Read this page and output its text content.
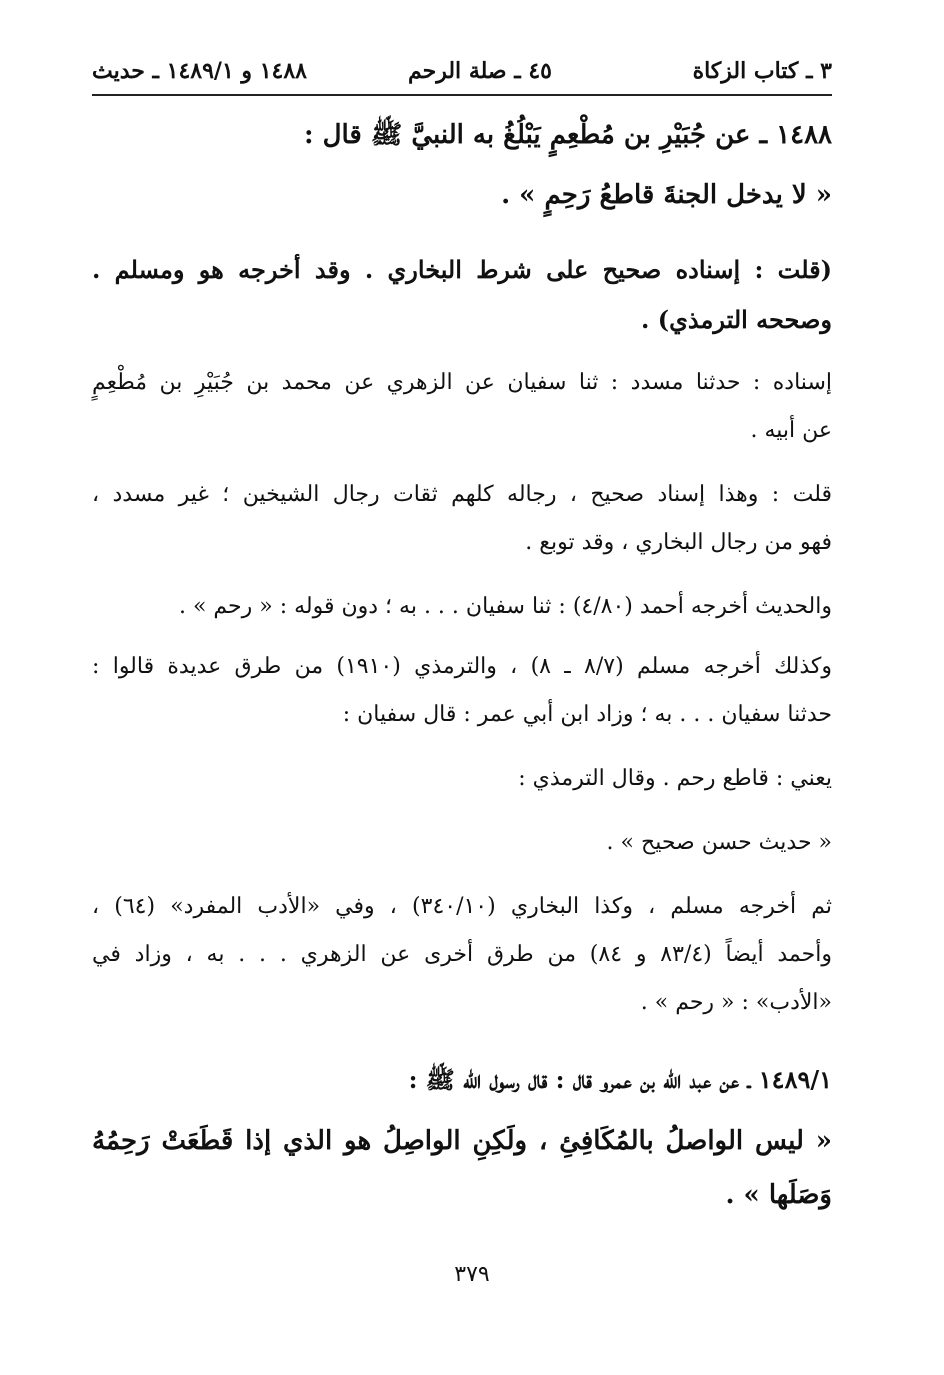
٣ ـ كتاب الزكاة
٤٥ ـ صلة الرحم
١٤٨٨ و ١٤٨٩/١ ـ حديث
١٤٨٨ ـ عن جُبَيْرِ بن مُطْعِمٍ يَبْلُغُ به النبيَّ ﷺ قال :
« لا يدخل الجنةَ قاطعُ رَحِمٍ » .
(قلت : إسناده صحيح على شرط البخاري . وقد أخرجه هو ومسلم .
وصححه الترمذي) .
إسناده : حدثنا مسدد : ثنا سفيان عن الزهري عن محمد بن جُبَيْرِ بن مُطْعِمٍ
عن أبيه .
قلت : وهذا إسناد صحيح ، رجاله كلهم ثقات رجال الشيخين ؛ غير مسدد ،
فهو من رجال البخاري ، وقد توبع .
والحديث أخرجه أحمد (٤/٨٠) : ثنا سفيان . . . به ؛ دون قوله : « رحم » .
وكذلك أخرجه مسلم (٨/٧ ـ ٨) ، والترمذي (١٩١٠) من طرق عديدة قالوا :
حدثنا سفيان . . . به ؛ وزاد ابن أبي عمر : قال سفيان :
يعني : قاطع رحم . وقال الترمذي :
« حديث حسن صحيح » .
ثم أخرجه مسلم ، وكذا البخاري (٣٤٠/١٠) ، وفي «الأدب المفرد» (٦٤) ،
وأحمد أيضاً (٨٣/٤ و ٨٤) من طرق أخرى عن الزهري . . . به ، وزاد في
«الأدب» : « رحم » .
١٤٨٩/١ ـ عن عبد الله بن عمرو قال : قال رسول الله ﷺ :
« ليس الواصلُ بالمُكَافِئِ ، ولَكِنِ الواصِلُ هو الذي إذا قَطَعَتْ رَحِمُهُ
وَصَلَها » .
٣٧٩
